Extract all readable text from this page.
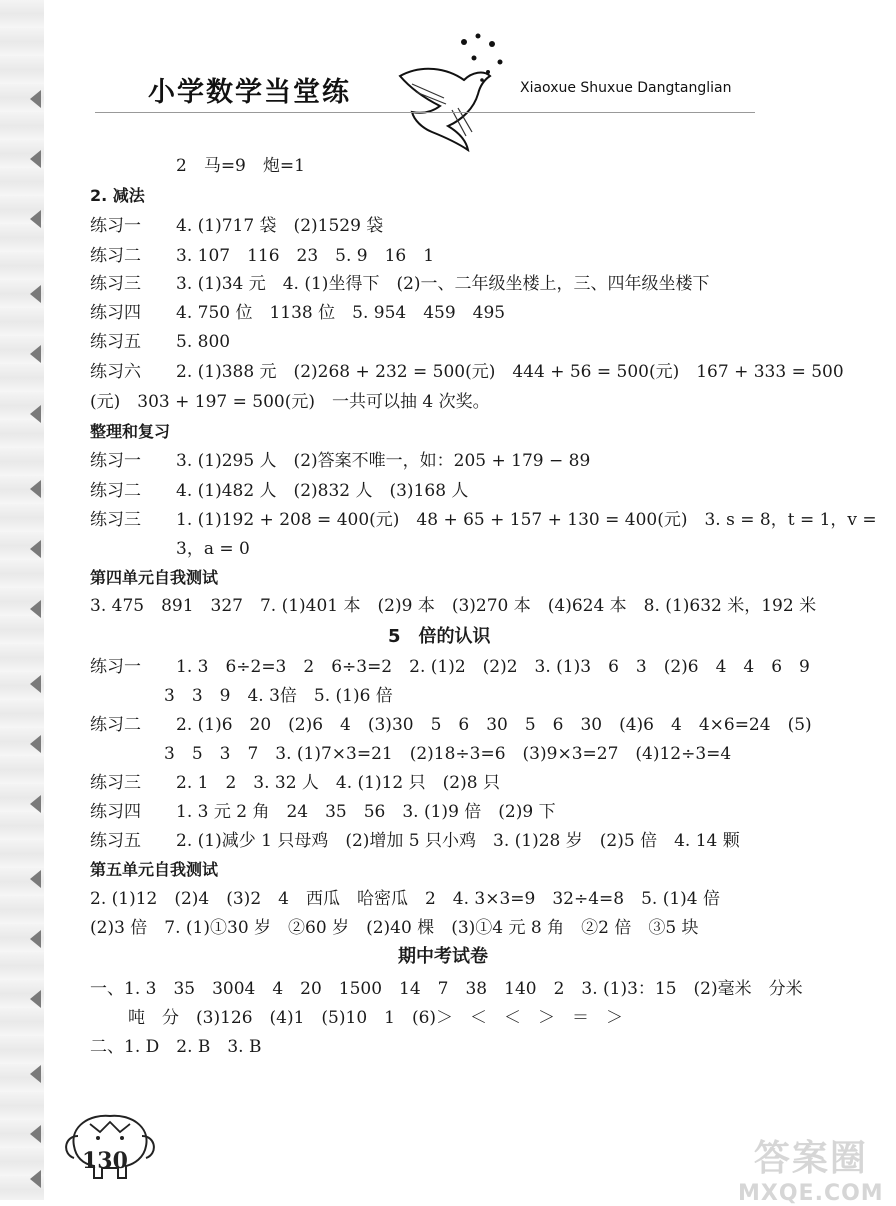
小学数学当堂练	Xiaoxue Shuxue Dangtanglian
2　马=9　炮=1
2. 减法
练习一 4. (1)717 袋　(2)1529 袋
练习二 3. 107　116　23　5. 9　16　1
练习三 3. (1)34 元　4. (1)坐得下　(2)一、二年级坐楼上，三、四年级坐楼下
练习四 4. 750 位　1138 位　5. 954　459　495
练习五 5. 800
练习六 2. (1)388 元　(2)268 + 232 = 500(元)　444 + 56 = 500(元)　167 + 333 = 500
(元)　303 + 197 = 500(元)　一共可以抽 4 次奖。
整理和复习
练习一 3. (1)295 人　(2)答案不唯一，如：205 + 179 − 89
练习二 4. (1)482 人　(2)832 人　(3)168 人
练习三 1. (1)192 + 208 = 400(元)　48 + 65 + 157 + 130 = 400(元)　3. s = 8，t = 1，v =
3，a = 0
第四单元自我测试
3. 475　891　327　7. (1)401 本　(2)9 本　(3)270 本　(4)624 本　8. (1)632 米，192 米
5　倍的认识
练习一 1. 3　6÷2=3　2　6÷3=2　2. (1)2　(2)2　3. (1)3　6　3　(2)6　4　4　6　9
3　3　9　4. 3倍　5. (1)6 倍
练习二 2. (1)6　20　(2)6　4　(3)30　5　6　30　5　6　30　(4)6　4　4×6=24　(5)
3　5　3　7　3. (1)7×3=21　(2)18÷3=6　(3)9×3=27　(4)12÷3=4
练习三 2. 1　2　3. 32 人　4. (1)12 只　(2)8 只
练习四 1. 3 元 2 角　24　35　56　3. (1)9 倍　(2)9 下
练习五 2. (1)减少 1 只母鸡　(2)增加 5 只小鸡　3. (1)28 岁　(2)5 倍　4. 14 颗
第五单元自我测试
2. (1)12　(2)4　(3)2　4　西瓜　哈密瓜　2　4. 3×3=9　32÷4=8　5. (1)4 倍
(2)3 倍　7. (1)①30 岁　②60 岁　(2)40 棵　(3)①4 元 8 角　②2 倍　③5 块
期中考试卷
一、1. 3　35　3004　4　20　1500　14　7　38　140　2　3. (1)3：15　(2)毫米　分米
吨　分　(3)126　(4)1　(5)10　1　(6)＞　＜　＜　＞　＝　＞
二、1. D　2. B　3. B
130	答案圈
MXQE.COM
